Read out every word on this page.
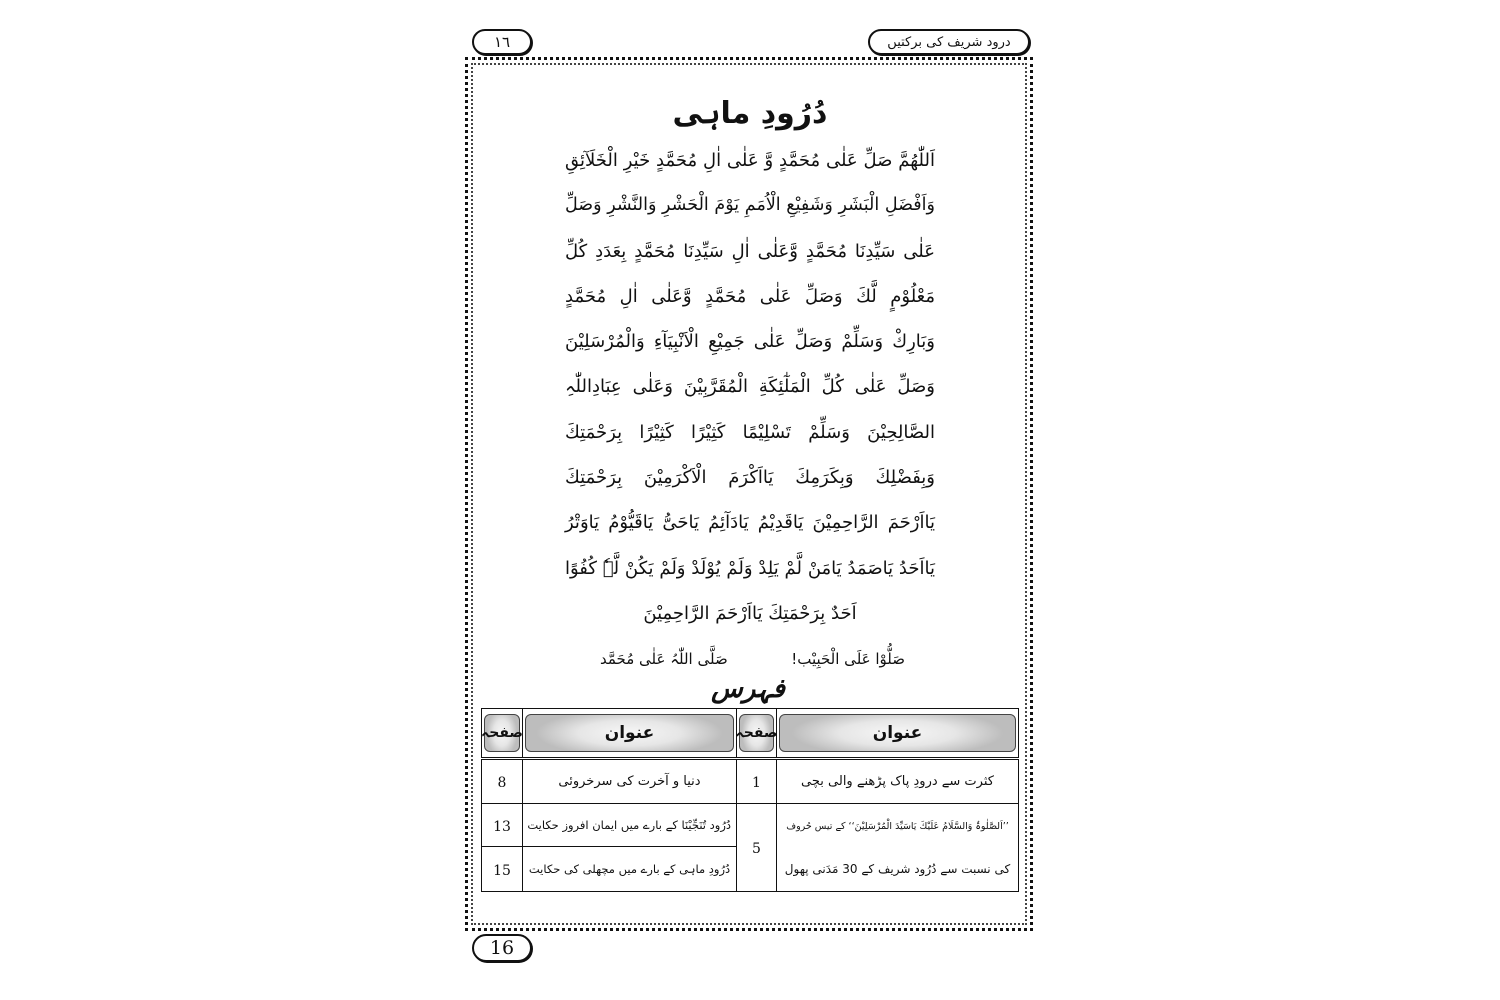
١٦	درود شریف کی برکتیں
دُرُودِ ماہی
اَللّٰھُمَّ صَلِّ عَلٰی مُحَمَّدٍ وَّ عَلٰی اٰلِ مُحَمَّدٍ خَیْرِ الْخَلَآئِقِ
وَاَفْضَلِ الْبَشَرِ وَشَفِیْعِ الْاُمَمِ یَوْمَ الْحَشْرِ وَالنَّشْرِ وَصَلِّ
عَلٰی سَیِّدِنَا مُحَمَّدٍ وَّعَلٰی اٰلِ سَیِّدِنَا مُحَمَّدٍ بِعَدَدِ کُلِّ
مَعْلُوْمٍ لَّكَ وَصَلِّ عَلٰی مُحَمَّدٍ وَّعَلٰی اٰلِ مُحَمَّدٍ
وَبَارِكْ وَسَلِّمْ وَصَلِّ عَلٰی جَمِیْعِ الْاَنْبِیَآءِ وَالْمُرْسَلِیْنَ
وَصَلِّ عَلٰی کُلِّ الْمَلٰٓئِکَةِ الْمُقَرَّبِیْنَ وَعَلٰی عِبَادِاللّٰہِ
الصَّالِحِیْنَ وَسَلِّمْ تَسْلِیْمًا کَثِیْرًا کَثِیْرًا بِرَحْمَتِكَ
وَبِفَضْلِكَ وَبِکَرَمِكَ یَااَکْرَمَ الْاَکْرَمِیْنَ بِرَحْمَتِكَ
یَااَرْحَمَ الرَّاحِمِیْنَ یَاقَدِیْمُ یَادَآئِمُ یَاحَیُّ یَاقَیُّوْمُ یَاوَتْرُ
یَااَحَدُ یَاصَمَدُ یَامَنْ لَّمْ یَلِدْ وَلَمْ یُوْلَدْ وَلَمْ یَکُنْ لَّہٗ کُفُوًا
اَحَدٌ بِرَحْمَتِكَ یَااَرْحَمَ الرَّاحِمِیْنَ
صَلُّوْا عَلَی الْحَبِیْب!
صَلَّی اللّٰہُ عَلٰی مُحَمَّد
فہرس
عنوان	صفحہ	عنوان	صفحہ

کثرت سے درودِ پاک پڑھنے والی بچی	1	دنیا و آخرت کی سرخروئی	8

’’اَلصَّلٰوۃُ وَالسَّلَامُ عَلَیْكَ یَاسَیِّدَ الْمُرْسَلِیْنَ‘‘ کے تیس حُروف
کی نسبت سے دُرُود شریف کے 30 مَدَنی پھول	5	دُرُود تُنَجِّیْنَا کے بارے میں ایمان افروز حکایت	13

		دُرُودِ ماہی کے بارے میں مچھلی کی حکایت	15
16
